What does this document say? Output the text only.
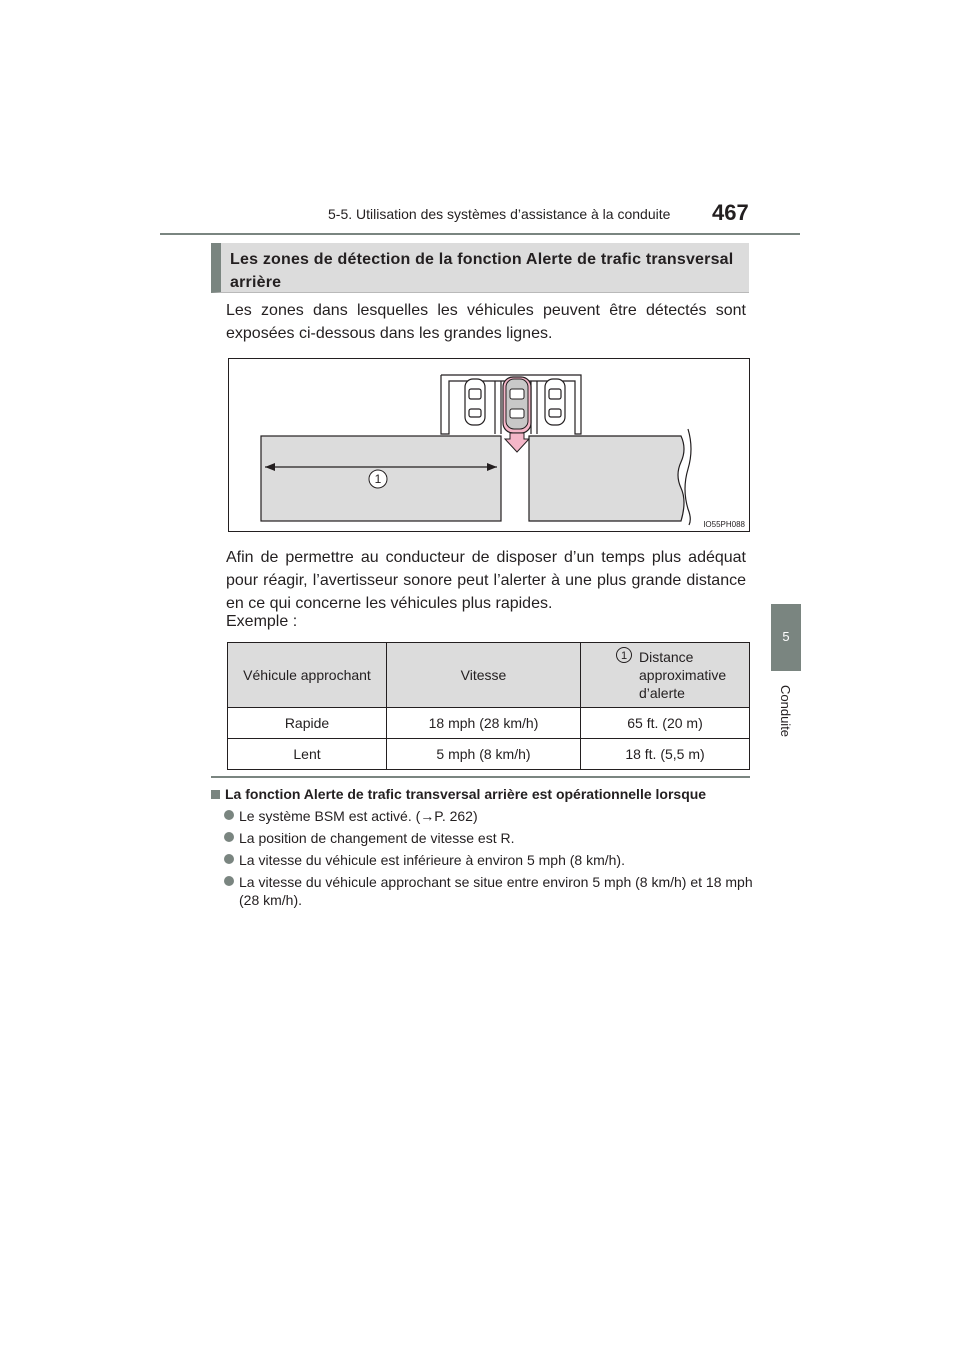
5-5. Utilisation des systèmes d’assistance à la conduite 467
5
Conduite
Les zones de détection de la fonction Alerte de trafic transversal arrière
Les zones dans lesquelles les véhicules peuvent être détectés sont exposées ci-dessous dans les grandes lignes.
1
IO55PH088
Afin de permettre au conducteur de disposer d’un temps plus adéquat pour réagir, l’avertisseur sonore peut l’alerter à une plus grande distance en ce qui concerne les véhicules plus rapides.
Exemple :
Véhicule approchant	Vitesse	1 Distance approximative d’alerte
Rapide	18 mph (28 km/h)	65 ft. (20 m)
Lent	5 mph (8 km/h)	18 ft. (5,5 m)
La fonction Alerte de trafic transversal arrière est opérationnelle lorsque
Le système BSM est activé. (→P. 262)
La position de changement de vitesse est R.
La vitesse du véhicule est inférieure à environ 5 mph (8 km/h).
La vitesse du véhicule approchant se situe entre environ 5 mph (8 km/h) et 18 mph (28 km/h).
